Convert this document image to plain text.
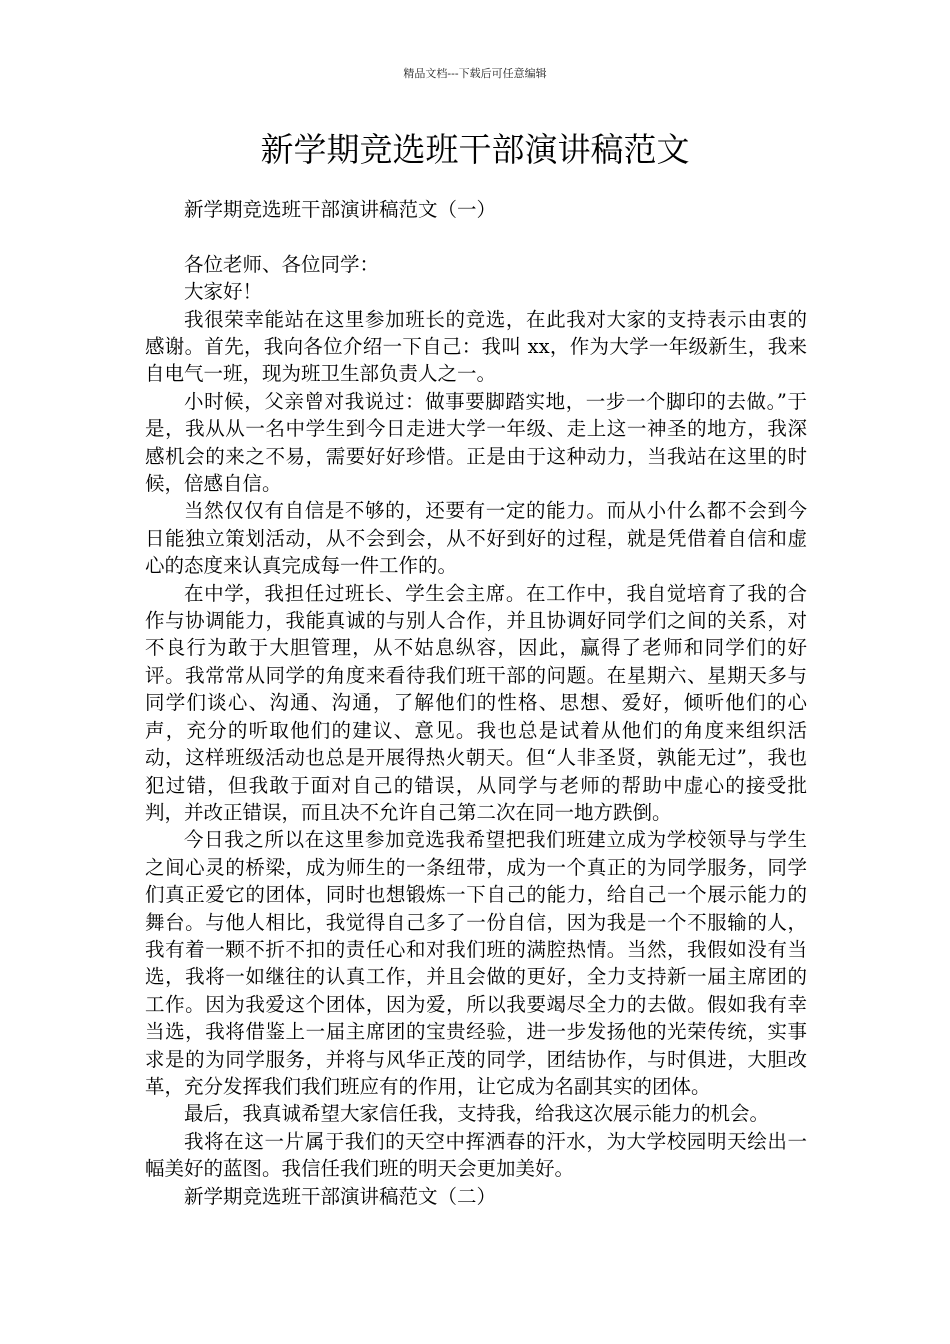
精品文档---下载后可任意编辑
新学期竞选班干部演讲稿范文

新学期竞选班干部演讲稿范文（一）

各位老师、各位同学：

大家好！

我很荣幸能站在这里参加班长的竞选，在此我对大家的支持表示由衷的感谢。首先，我向各位介绍一下自己：我叫 xx，作为大学一年级新生，我来自电气一班，现为班卫生部负责人之一。

小时候，父亲曾对我说过：做事要脚踏实地，一步一个脚印的去做。”于是，我从从一名中学生到今日走进大学一年级、走上这一神圣的地方，我深感机会的来之不易，需要好好珍惜。正是由于这种动力，当我站在这里的时候，倍感自信。

当然仅仅有自信是不够的，还要有一定的能力。而从小什么都不会到今日能独立策划活动，从不会到会，从不好到好的过程，就是凭借着自信和虚心的态度来认真完成每一件工作的。

在中学，我担任过班长、学生会主席。在工作中，我自觉培育了我的合作与协调能力，我能真诚的与别人合作，并且协调好同学们之间的关系，对不良行为敢于大胆管理，从不姑息纵容，因此，赢得了老师和同学们的好评。我常常从同学的角度来看待我们班干部的问题。在星期六、星期天多与同学们谈心、沟通、沟通，了解他们的性格、思想、爱好，倾听他们的心声，充分的听取他们的建议、意见。我也总是试着从他们的角度来组织活动，这样班级活动也总是开展得热火朝天。但“人非圣贤，孰能无过”，我也犯过错，但我敢于面对自己的错误，从同学与老师的帮助中虚心的接受批判，并改正错误，而且决不允许自己第二次在同一地方跌倒。

今日我之所以在这里参加竞选我希望把我们班建立成为学校领导与学生之间心灵的桥梁，成为师生的一条纽带，成为一个真正的为同学服务，同学们真正爱它的团体，同时也想锻炼一下自己的能力，给自己一个展示能力的舞台。与他人相比，我觉得自己多了一份自信，因为我是一个不服输的人，我有着一颗不折不扣的责任心和对我们班的满腔热情。当然，我假如没有当选，我将一如继往的认真工作，并且会做的更好，全力支持新一届主席团的工作。因为我爱这个团体，因为爱，所以我要竭尽全力的去做。假如我有幸当选，我将借鉴上一届主席团的宝贵经验，进一步发扬他的光荣传统，实事求是的为同学服务，并将与风华正茂的同学，团结协作，与时俱进，大胆改革，充分发挥我们我们班应有的作用，让它成为名副其实的团体。

最后，我真诚希望大家信任我，支持我，给我这次展示能力的机会。

我将在这一片属于我们的天空中挥洒春的汗水，为大学校园明天绘出一幅美好的蓝图。我信任我们班的明天会更加美好。

新学期竞选班干部演讲稿范文（二）
